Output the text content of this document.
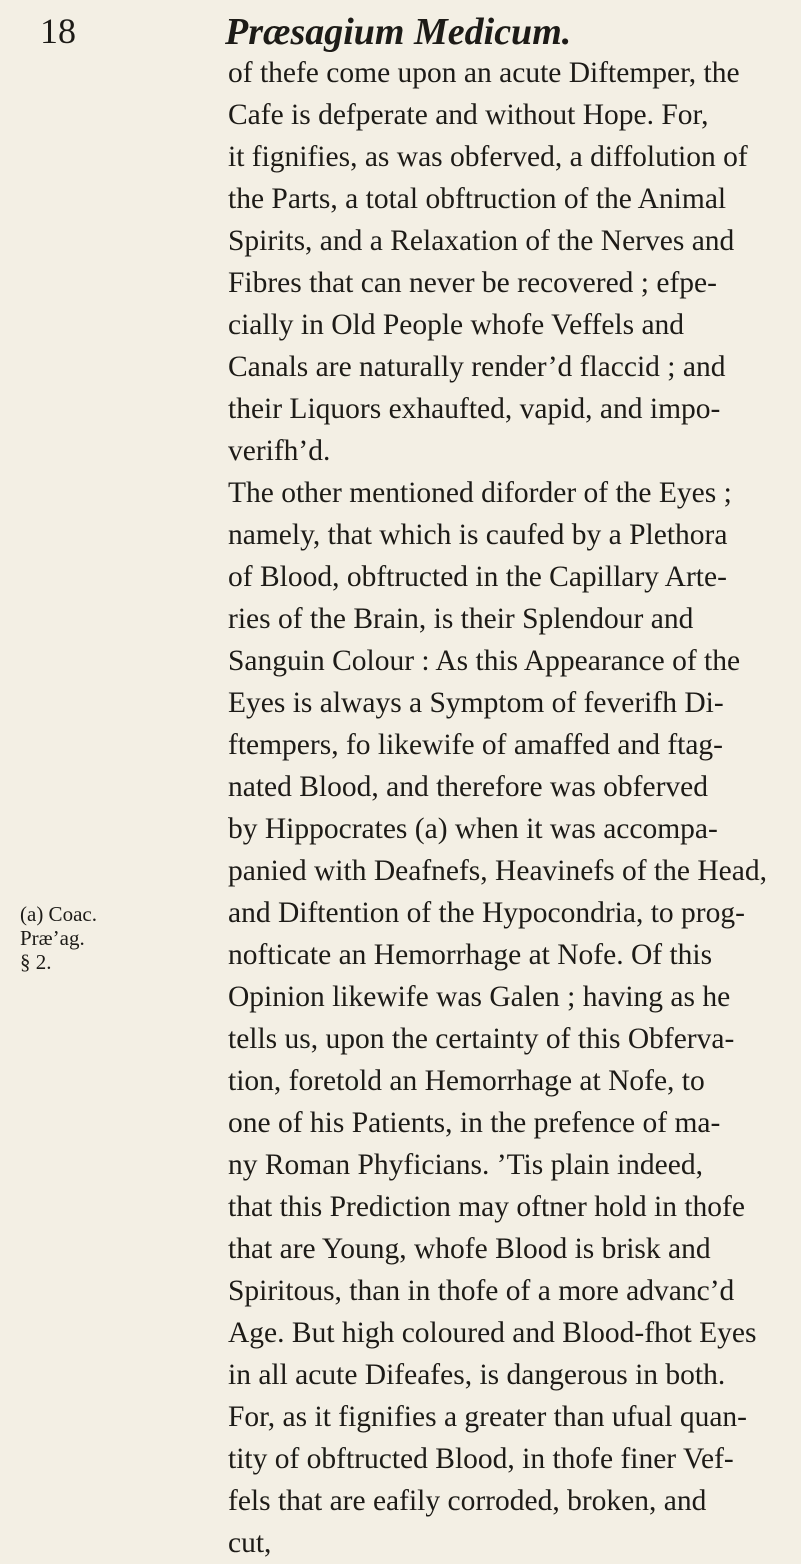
18	Præsagium Medicum.
(a) Coac.
Præ’ag.
§ 2.
of thefe come upon an acute Diftemper, the
Cafe is defperate and without Hope. For,
it fignifies, as was obferved, a diffolution of
the Parts, a total obftruction of the Animal
Spirits, and a Relaxation of the Nerves and
Fibres that can never be recovered ; efpe-
cially in Old People whofe Veffels and
Canals are naturally render’d flaccid ; and
their Liquors exhaufted, vapid, and impo-
verifh’d.
The other mentioned diforder of the Eyes ;
namely, that which is caufed by a Plethora
of Blood, obftructed in the Capillary Arte-
ries of the Brain, is their Splendour and
Sanguin Colour : As this Appearance of the
Eyes is always a Symptom of feverifh Di-
ftempers, fo likewife of amaffed and ftag-
nated Blood, and therefore was obferved
by Hippocrates (a) when it was accompa-
panied with Deafnefs, Heavinefs of the Head,
and Diftention of the Hypocondria, to prog-
nofticate an Hemorrhage at Nofe. Of this
Opinion likewife was Galen ; having as he
tells us, upon the certainty of this Obferva-
tion, foretold an Hemorrhage at Nofe, to
one of his Patients, in the prefence of ma-
ny Roman Phyficians. ’Tis plain indeed,
that this Prediction may oftner hold in thofe
that are Young, whofe Blood is brisk and
Spiritous, than in thofe of a more advanc’d
Age. But high coloured and Blood-fhot Eyes
in all acute Difeafes, is dangerous in both.
For, as it fignifies a greater than ufual quan-
tity of obftructed Blood, in thofe finer Vef-
fels that are eafily corroded, broken, and
cut,
